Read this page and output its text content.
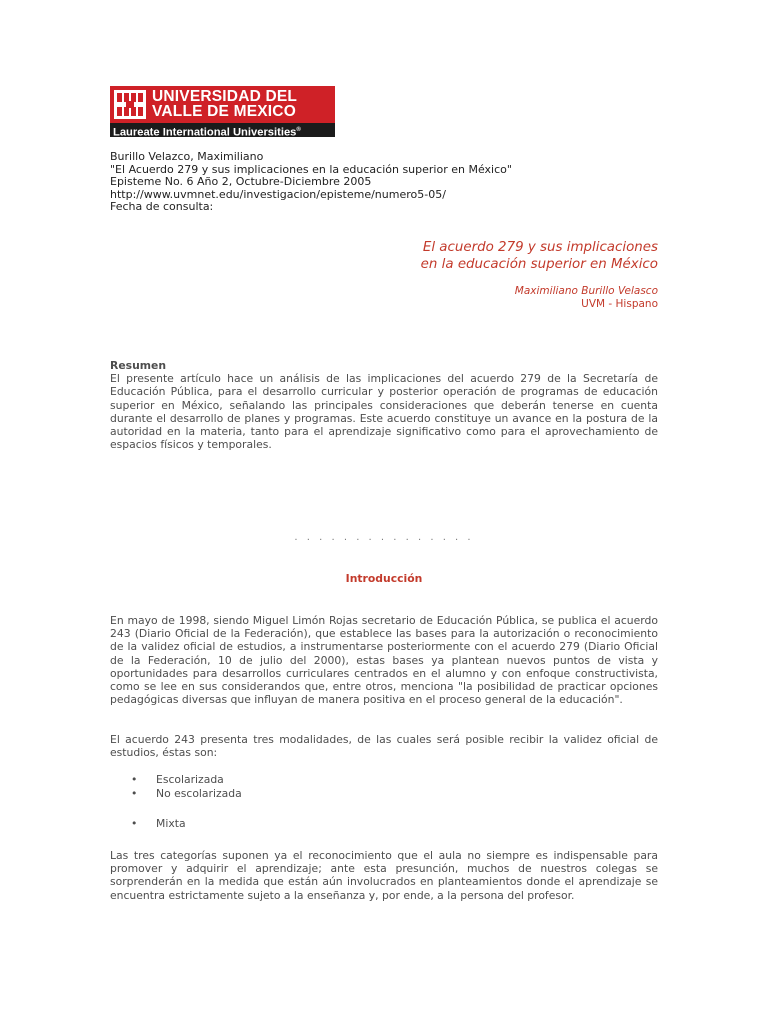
UNIVERSIDAD DEL
VALLE DE MEXICO
Laureate International Universities®
Burillo Velazco, Maximiliano
"El Acuerdo 279 y sus implicaciones en la educación superior en México"
Episteme No. 6 Año 2, Octubre-Diciembre 2005
http://www.uvmnet.edu/investigacion/episteme/numero5-05/
Fecha de consulta:
El acuerdo 279 y sus implicaciones
en la educación superior en México
Maximiliano Burillo Velasco
UVM - Hispano
Resumen
El presente artículo hace un análisis de las implicaciones del acuerdo 279 de la Secretaría de Educación Pública, para el desarrollo curricular y posterior operación de programas de educación superior en México, señalando las principales consideraciones que deberán tenerse en cuenta durante el desarrollo de planes y programas. Este acuerdo constituye un avance en la postura de la autoridad en la materia, tanto para el aprendizaje significativo como para el aprovechamiento de espacios físicos y temporales.
. . . . . . . . . . . . . . .
Introducción
En mayo de 1998, siendo Miguel Limón Rojas secretario de Educación Pública, se publica el acuerdo 243 (Diario Oficial de la Federación), que establece las bases para la autorización o reconocimiento de la validez oficial de estudios, a instrumentarse posteriormente con el acuerdo 279 (Diario Oficial de la Federación, 10 de julio del 2000), estas bases ya plantean nuevos puntos de vista y oportunidades para desarrollos curriculares centrados en el alumno y con enfoque constructivista, como se lee en sus considerandos que, entre otros, menciona "la posibilidad de practicar opciones pedagógicas diversas que influyan de manera positiva en el proceso general de la educación".
El acuerdo 243 presenta tres modalidades, de las cuales será posible recibir la validez oficial de estudios, éstas son:
• Escolarizada
• No escolarizada
• Mixta
Las tres categorías suponen ya el reconocimiento que el aula no siempre es indispensable para promover y adquirir el aprendizaje; ante esta presunción, muchos de nuestros colegas se sorprenderán en la medida que están aún involucrados en planteamientos donde el aprendizaje se encuentra estrictamente sujeto a la enseñanza y, por ende, a la persona del profesor.
